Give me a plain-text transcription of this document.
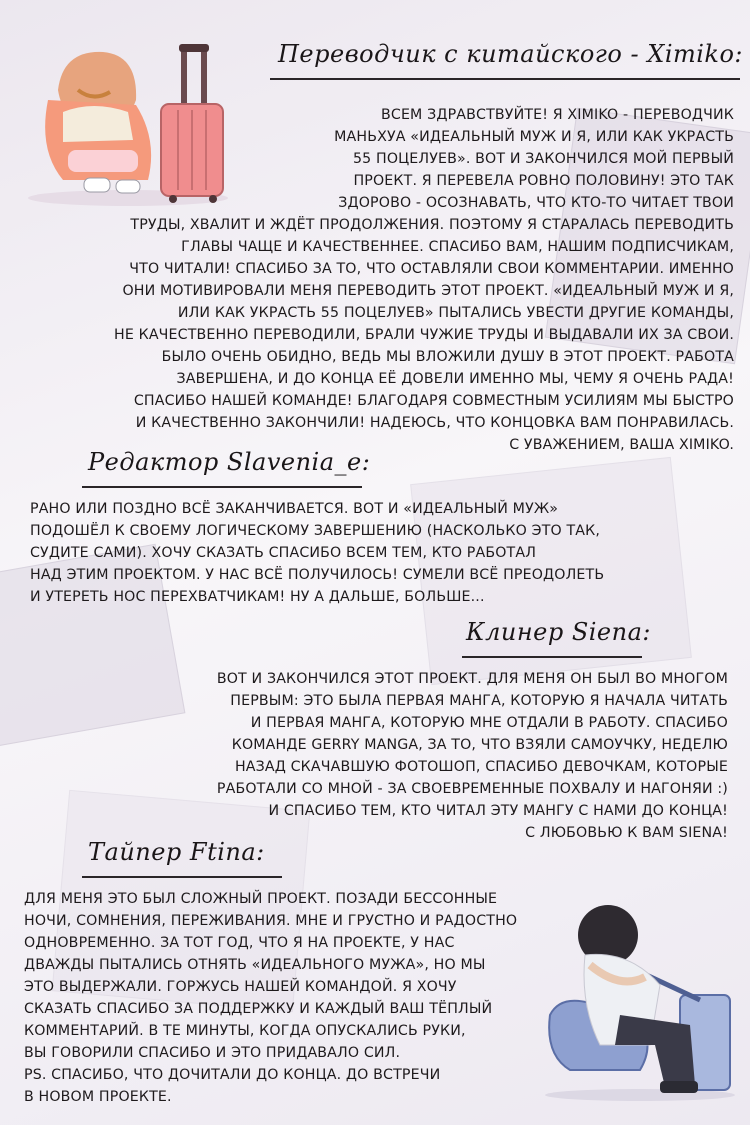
Переводчик с китайского - Ximiko:

ВСЕМ ЗДРАВСТВУЙТЕ! Я XIMIKO - ПЕРЕВОДЧИК

МАНЬХУА «ИДЕАЛЬНЫЙ МУЖ И Я, ИЛИ КАК УКРАСТЬ

55 ПОЦЕЛУЕВ». ВОТ И ЗАКОНЧИЛСЯ МОЙ ПЕРВЫЙ

ПРОЕКТ. Я ПЕРЕВЕЛА РОВНО ПОЛОВИНУ! ЭТО ТАК

ЗДОРОВО - ОСОЗНАВАТЬ, ЧТО КТО-ТО ЧИТАЕТ ТВОИ

ТРУДЫ, ХВАЛИТ И ЖДЁТ ПРОДОЛЖЕНИЯ. ПОЭТОМУ Я СТАРАЛАСЬ ПЕРЕВОДИТЬ

ГЛАВЫ ЧАЩЕ И КАЧЕСТВЕННЕЕ. СПАСИБО ВАМ, НАШИМ ПОДПИСЧИКАМ,

ЧТО ЧИТАЛИ! СПАСИБО ЗА ТО, ЧТО ОСТАВЛЯЛИ СВОИ КОММЕНТАРИИ. ИМЕННО

ОНИ МОТИВИРОВАЛИ МЕНЯ ПЕРЕВОДИТЬ ЭТОТ ПРОЕКТ. «ИДЕАЛЬНЫЙ МУЖ И Я,

ИЛИ КАК УКРАСТЬ 55 ПОЦЕЛУЕВ» ПЫТАЛИСЬ УВЕСТИ ДРУГИЕ КОМАНДЫ,

НЕ КАЧЕСТВЕННО ПЕРЕВОДИЛИ, БРАЛИ ЧУЖИЕ ТРУДЫ И ВЫДАВАЛИ ИХ ЗА СВОИ.

БЫЛО ОЧЕНЬ ОБИДНО, ВЕДЬ МЫ ВЛОЖИЛИ ДУШУ В ЭТОТ ПРОЕКТ. РАБОТА

ЗАВЕРШЕНА, И ДО КОНЦА ЕЁ ДОВЕЛИ ИМЕННО МЫ, ЧЕМУ Я ОЧЕНЬ РАДА!

СПАСИБО НАШЕЙ КОМАНДЕ! БЛАГОДАРЯ СОВМЕСТНЫМ УСИЛИЯМ МЫ БЫСТРО

И КАЧЕСТВЕННО ЗАКОНЧИЛИ! НАДЕЮСЬ, ЧТО КОНЦОВКА ВАМ ПОНРАВИЛАСЬ.

С УВАЖЕНИЕМ, ВАША XIMIKO.

Редактор Slavenia_e:

РАНО ИЛИ ПОЗДНО ВСЁ ЗАКАНЧИВАЕТСЯ. ВОТ И «ИДЕАЛЬНЫЙ МУЖ»

ПОДОШЁЛ К СВОЕМУ ЛОГИЧЕСКОМУ ЗАВЕРШЕНИЮ (НАСКОЛЬКО ЭТО ТАК,

СУДИТЕ САМИ). ХОЧУ СКАЗАТЬ СПАСИБО ВСЕМ ТЕМ, КТО РАБОТАЛ

НАД ЭТИМ ПРОЕКТОМ. У НАС ВСЁ ПОЛУЧИЛОСЬ! СУМЕЛИ ВСЁ ПРЕОДОЛЕТЬ

И УТЕРЕТЬ НОС ПЕРЕХВАТЧИКАМ! НУ А ДАЛЬШЕ, БОЛЬШЕ...

Клинер Siena:

ВОТ И ЗАКОНЧИЛСЯ ЭТОТ ПРОЕКТ. ДЛЯ МЕНЯ ОН БЫЛ ВО МНОГОМ

ПЕРВЫМ: ЭТО БЫЛА ПЕРВАЯ МАНГА, КОТОРУЮ Я НАЧАЛА ЧИТАТЬ

И ПЕРВАЯ МАНГА, КОТОРУЮ МНЕ ОТДАЛИ В РАБОТУ. СПАСИБО

КОМАНДЕ GERRY MANGA, ЗА ТО, ЧТО ВЗЯЛИ САМОУЧКУ, НЕДЕЛЮ

НАЗАД СКАЧАВШУЮ ФОТОШОП, СПАСИБО ДЕВОЧКАМ, КОТОРЫЕ

РАБОТАЛИ СО МНОЙ - ЗА СВОЕВРЕМЕННЫЕ ПОХВАЛУ И НАГОНЯИ :)

И СПАСИБО ТЕМ, КТО ЧИТАЛ ЭТУ МАНГУ С НАМИ ДО КОНЦА!

С ЛЮБОВЬЮ К ВАМ SIENA!

Тайпер Ftina:

ДЛЯ МЕНЯ ЭТО БЫЛ СЛОЖНЫЙ ПРОЕКТ. ПОЗАДИ БЕССОННЫЕ

НОЧИ, СОМНЕНИЯ, ПЕРЕЖИВАНИЯ. МНЕ И ГРУСТНО И РАДОСТНО

ОДНОВРЕМЕННО. ЗА ТОТ ГОД, ЧТО Я НА ПРОЕКТЕ, У НАС

ДВАЖДЫ ПЫТАЛИСЬ ОТНЯТЬ «ИДЕАЛЬНОГО МУЖА», НО МЫ

ЭТО ВЫДЕРЖАЛИ. ГОРЖУСЬ НАШЕЙ КОМАНДОЙ. Я ХОЧУ

СКАЗАТЬ СПАСИБО ЗА ПОДДЕРЖКУ И КАЖДЫЙ ВАШ ТЁПЛЫЙ

КОММЕНТАРИЙ. В ТЕ МИНУТЫ, КОГДА ОПУСКАЛИСЬ РУКИ,

ВЫ ГОВОРИЛИ СПАСИБО И ЭТО ПРИДАВАЛО СИЛ.

PS. СПАСИБО, ЧТО ДОЧИТАЛИ ДО КОНЦА. ДО ВСТРЕЧИ

В НОВОМ ПРОЕКТЕ.
